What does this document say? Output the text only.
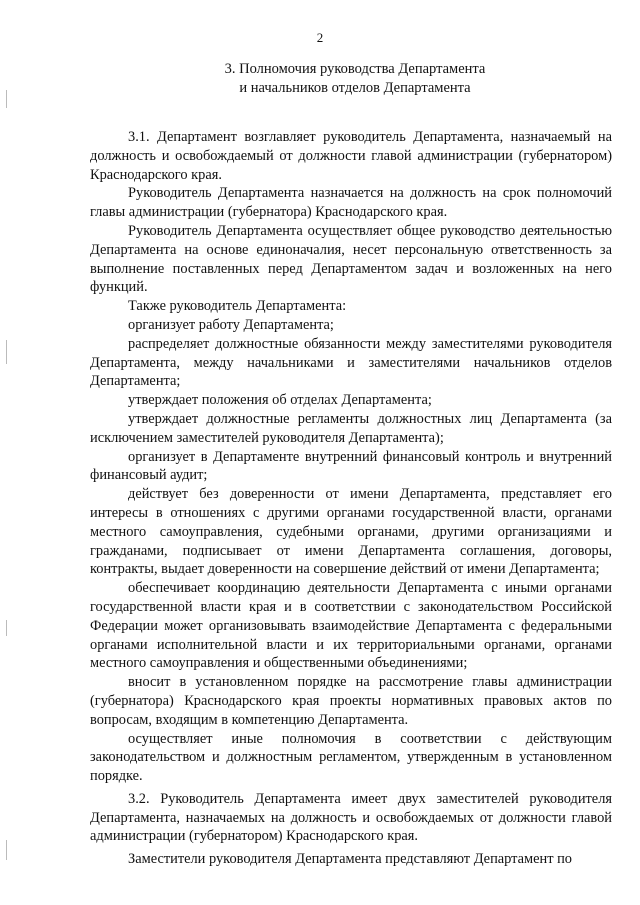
2
3. Полномочия руководства Департамента
и начальников отделов Департамента

3.1. Департамент возглавляет руководитель Департамента, назначаемый на должность и освобождаемый от должности главой администрации (губернатором) Краснодарского края.

Руководитель Департамента назначается на должность на срок полномочий главы администрации (губернатора) Краснодарского края.

Руководитель Департамента осуществляет общее руководство деятельностью Департамента на основе единоначалия, несет персональную ответственность за выполнение поставленных перед Департаментом задач и возложенных на него функций.

Также руководитель Департамента:

организует работу Департамента;

распределяет должностные обязанности между заместителями руководителя Департамента, между начальниками и заместителями начальников отделов Департамента;

утверждает положения об отделах Департамента;

утверждает должностные регламенты должностных лиц Департамента (за исключением заместителей руководителя Департамента);

организует в Департаменте внутренний финансовый контроль и внутренний финансовый аудит;

действует без доверенности от имени Департамента, представляет его интересы в отношениях с другими органами государственной власти, органами местного самоуправления, судебными органами, другими организациями и гражданами, подписывает от имени Департамента соглашения, договоры, контракты, выдает доверенности на совершение действий от имени Департамента;

обеспечивает координацию деятельности Департамента с иными органами государственной власти края и в соответствии с законодательством Российской Федерации может организовывать взаимодействие Департамента с федеральными органами исполнительной власти и их территориальными органами, органами местного самоуправления и общественными объединениями;

вносит в установленном порядке на рассмотрение главы администрации (губернатора) Краснодарского края проекты нормативных правовых актов по вопросам, входящим в компетенцию Департамента.

осуществляет иные полномочия в соответствии с действующим законодательством и должностным регламентом, утвержденным в установленном порядке.

3.2. Руководитель Департамента имеет двух заместителей руководителя Департамента, назначаемых на должность и освобождаемых от должности главой администрации (губернатором) Краснодарского края.

Заместители руководителя Департамента представляют Департамент по
